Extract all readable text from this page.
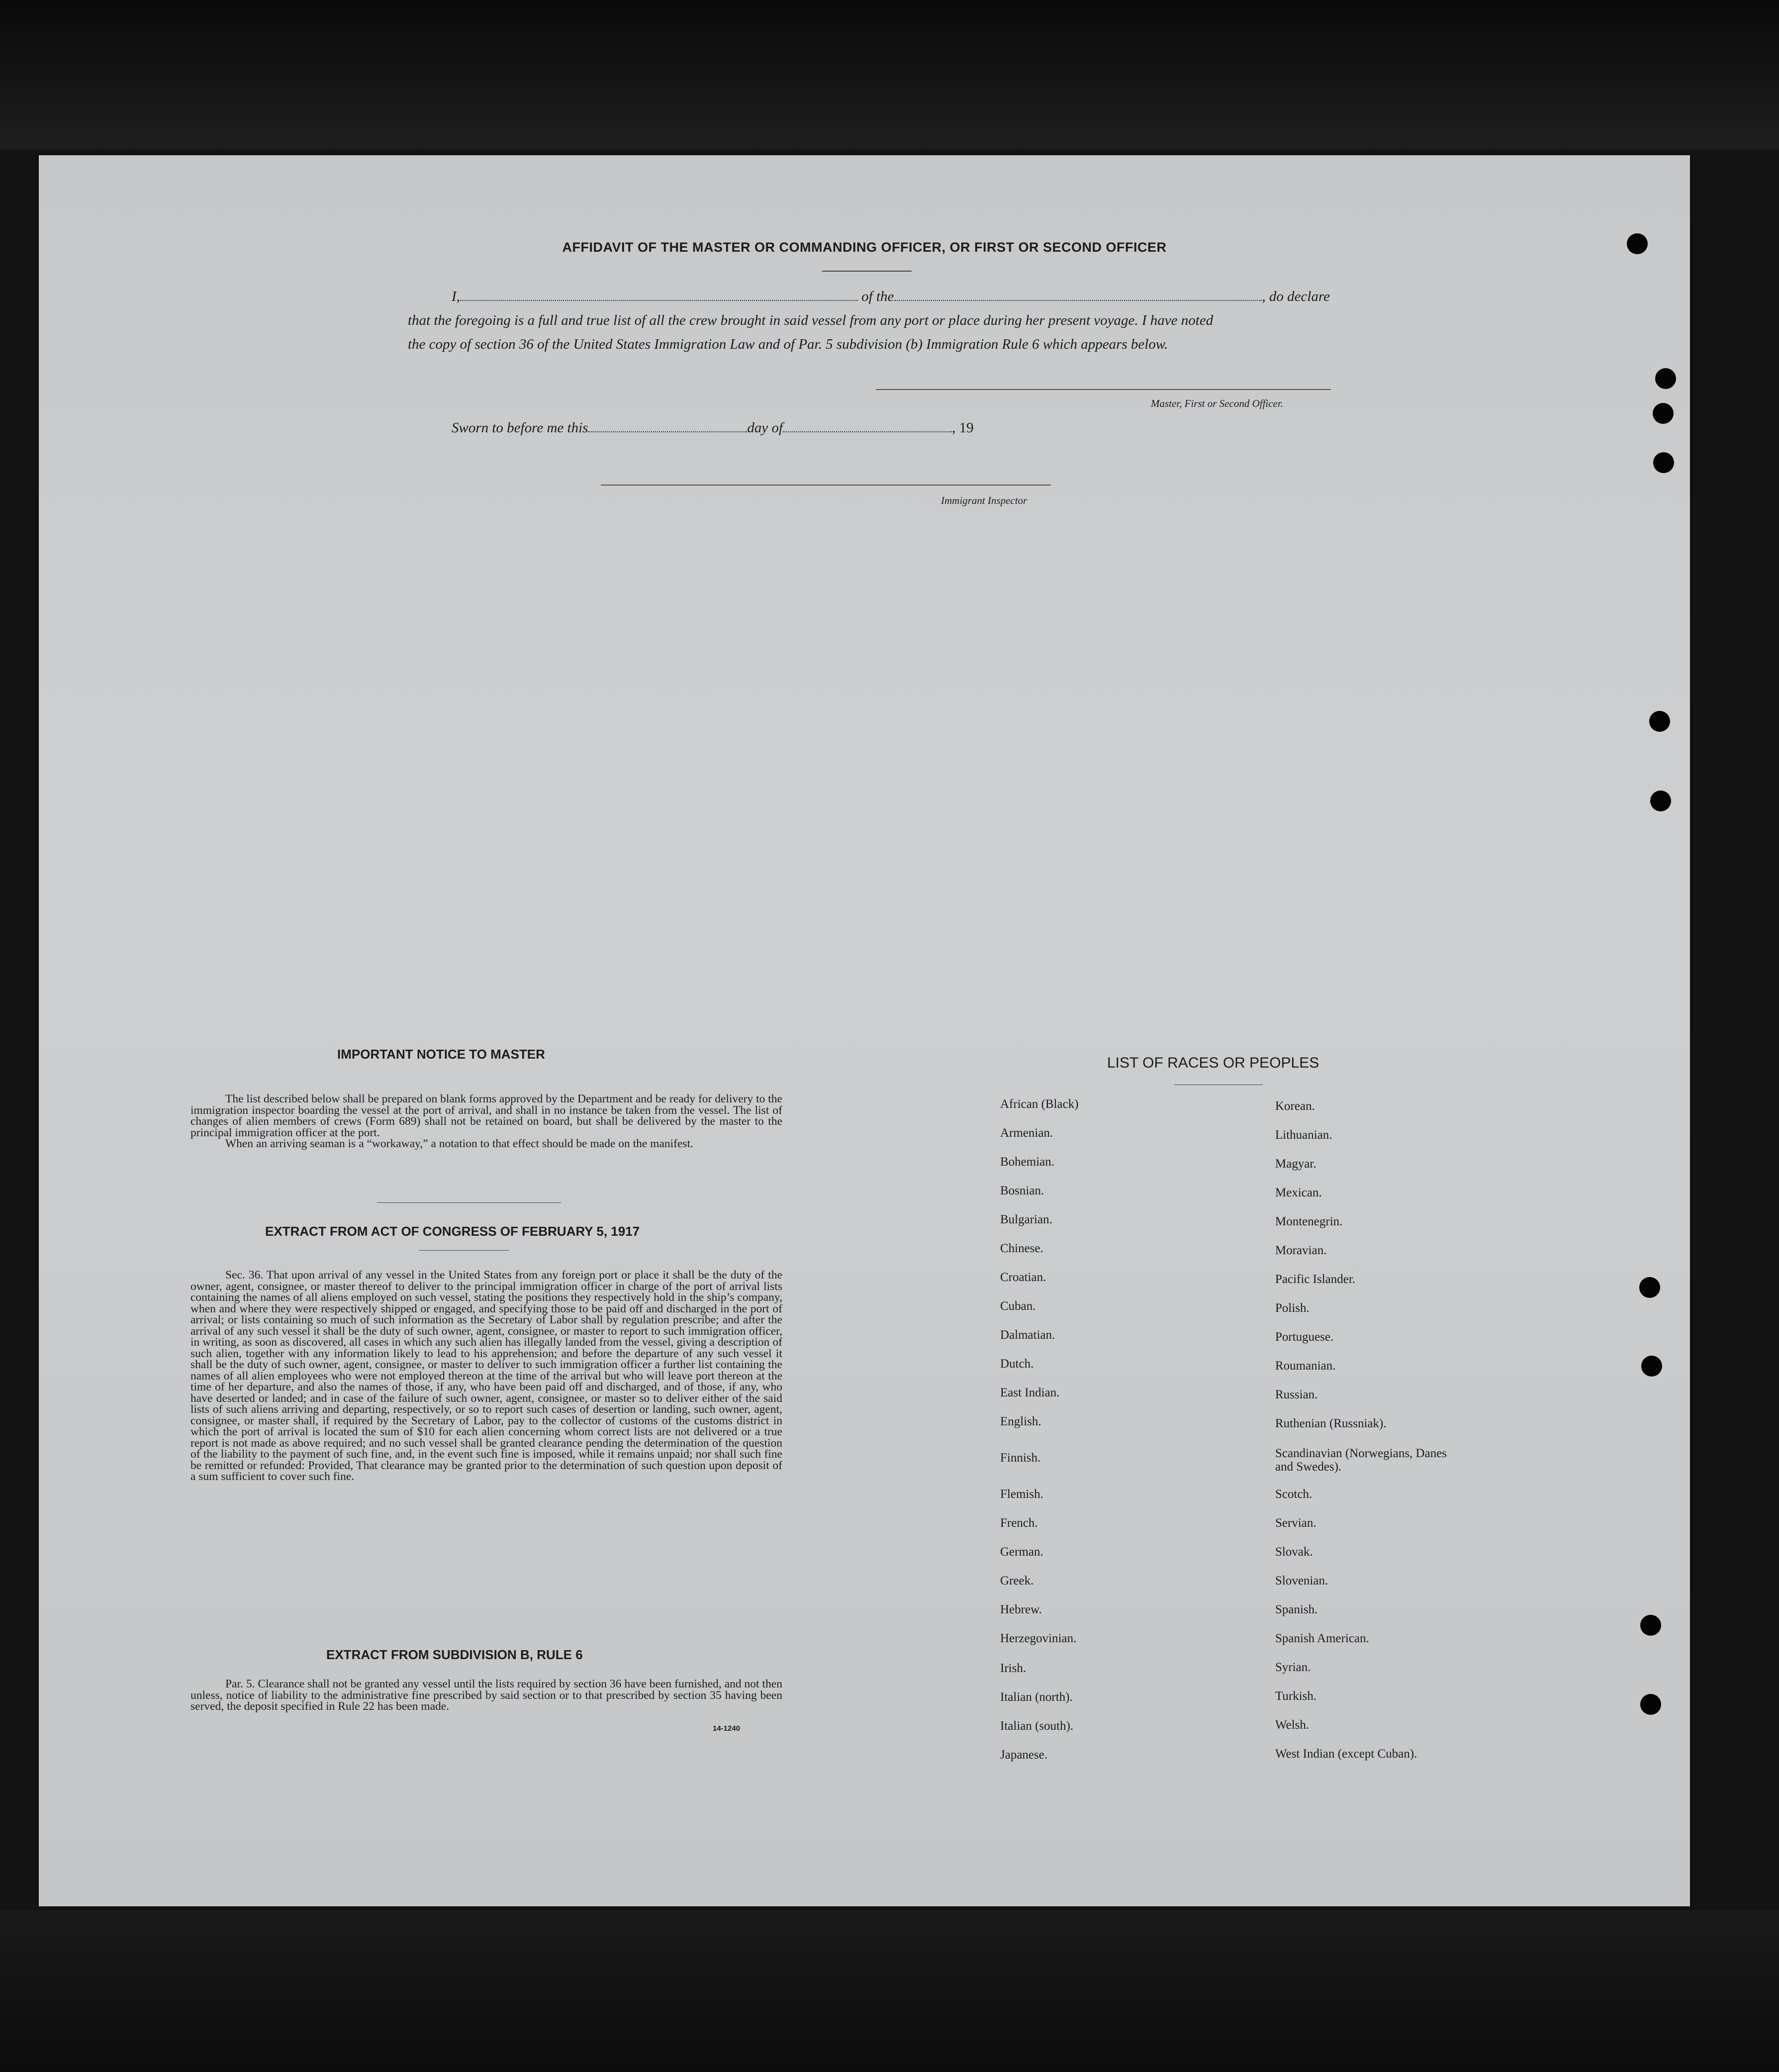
AFFIDAVIT OF THE MASTER OR COMMANDING OFFICER, OR FIRST OR SECOND OFFICER
I,	of the	, do declare
that the foregoing is a full and true list of all the crew brought in said vessel from any port or place during her present voyage. I have noted
the copy of section 36 of the United States Immigration Law and of Par. 5 subdivision (b) Immigration Rule 6 which appears below.
Master, First or Second Officer.
Sworn to before me this	day of	, 19
Immigrant Inspector
IMPORTANT NOTICE TO MASTER

The list described below shall be prepared on blank forms approved by the Department and be ready for delivery to the immigration inspector boarding the vessel at the port of arrival, and shall in no instance be taken from the vessel. The list of changes of alien members of crews (Form 689) shall not be retained on board, but shall be delivered by the master to the principal immigration officer at the port.

When an arriving seaman is a “workaway,” a notation to that effect should be made on the manifest.

EXTRACT FROM ACT OF CONGRESS OF FEBRUARY 5, 1917

Sec. 36. That upon arrival of any vessel in the United States from any foreign port or place it shall be the duty of the owner, agent, consignee, or master thereof to deliver to the principal immigration officer in charge of the port of arrival lists containing the names of all aliens employed on such vessel, stating the positions they respectively hold in the ship’s company, when and where they were respectively shipped or engaged, and specifying those to be paid off and discharged in the port of arrival; or lists containing so much of such information as the Secretary of Labor shall by regulation prescribe; and after the arrival of any such vessel it shall be the duty of such owner, agent, consignee, or master to report to such immigration officer, in writing, as soon as discovered, all cases in which any such alien has illegally landed from the vessel, giving a description of such alien, together with any information likely to lead to his apprehension; and before the departure of any such vessel it shall be the duty of such owner, agent, consignee, or master to deliver to such immigration officer a further list containing the names of all alien employees who were not employed thereon at the time of the arrival but who will leave port thereon at the time of her departure, and also the names of those, if any, who have been paid off and discharged, and of those, if any, who have deserted or landed; and in case of the failure of such owner, agent, consignee, or master so to deliver either of the said lists of such aliens arriving and departing, respectively, or so to report such cases of desertion or landing, such owner, agent, consignee, or master shall, if required by the Secretary of Labor, pay to the collector of customs of the customs district in which the port of arrival is located the sum of $10 for each alien concerning whom correct lists are not delivered or a true report is not made as above required; and no such vessel shall be granted clearance pending the determination of the question of the liability to the payment of such fine, and, in the event such fine is imposed, while it remains unpaid; nor shall such fine be remitted or refunded: Provided, That clearance may be granted prior to the determination of such question upon deposit of a sum sufficient to cover such fine.

EXTRACT FROM SUBDIVISION B, RULE 6

Par. 5. Clearance shall not be granted any vessel until the lists required by section 36 have been furnished, and not then unless, notice of liability to the administrative fine prescribed by said section or to that prescribed by section 35 having been served, the deposit specified in Rule 22 has been made.

14-1240
LIST OF RACES OR PEOPLES
African (Black)
Armenian.
Bohemian.
Bosnian.
Bulgarian.
Chinese.
Croatian.
Cuban.
Dalmatian.
Dutch.
East Indian.
English.
Finnish.
Flemish.
French.
German.
Greek.
Hebrew.
Herzegovinian.
Irish.
Italian (north).
Italian (south).
Japanese.
Korean.
Lithuanian.
Magyar.
Mexican.
Montenegrin.
Moravian.
Pacific Islander.
Polish.
Portuguese.
Roumanian.
Russian.
Ruthenian (Russniak).
Scandinavian (Norwegians, Danes and Swedes).
Scotch.
Servian.
Slovak.
Slovenian.
Spanish.
Spanish American.
Syrian.
Turkish.
Welsh.
West Indian (except Cuban).
